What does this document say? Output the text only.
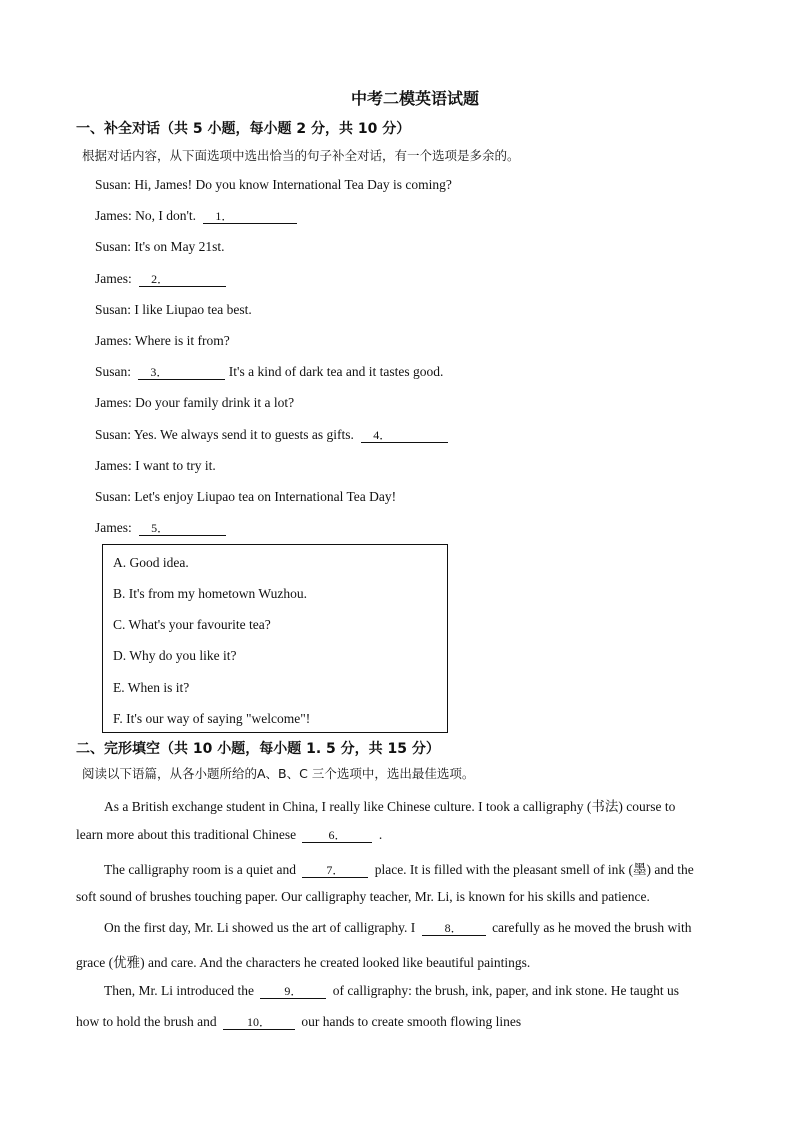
中考二模英语试题
一、补全对话（共 5 小题，每小题 2 分，共 10 分）
根据对话内容，从下面选项中选出恰当的句子补全对话，有一个选项是多余的。
Susan: Hi, James! Do you know International Tea Day is coming?
James: No, I don't. 1．
Susan: It's on May 21st.
James: 2．
Susan: I like Liupao tea best.
James: Where is it from?
Susan: 3．	It's a kind of dark tea and it tastes good.
James: Do your family drink it a lot?
Susan: Yes. We always send it to guests as gifts. 4．
James: I want to try it.
Susan: Let's enjoy Liupao tea on International Tea Day!
James: 5．
A. Good idea.
B. It's from my hometown Wuzhou.
C. What's your favourite tea?
D. Why do you like it?
E. When is it?
F. It's our way of saying "welcome"!
二、完形填空（共 10 小题，每小题 1. 5 分，共 15 分）
阅读以下语篇，从各小题所给的A、B、C 三个选项中，选出最佳选项。
As a British exchange student in China, I really like Chinese culture. I took a calligraphy (书法) course to
learn more about this traditional Chinese	6． .
The calligraphy room is a quiet and	7． place. It is filled with the pleasant smell of ink (墨) and the
soft sound of brushes touching paper. Our calligraphy teacher, Mr. Li, is known for his skills and patience.
On the first day, Mr. Li showed us the art of calligraphy. I 8． carefully as he moved the brush with
grace (优雅) and care. And the characters he created looked like beautiful paintings.
Then, Mr. Li introduced the	9． of calligraphy: the brush, ink, paper, and ink stone. He taught us
how to hold the brush and	10． our hands to create smooth flowing lines
